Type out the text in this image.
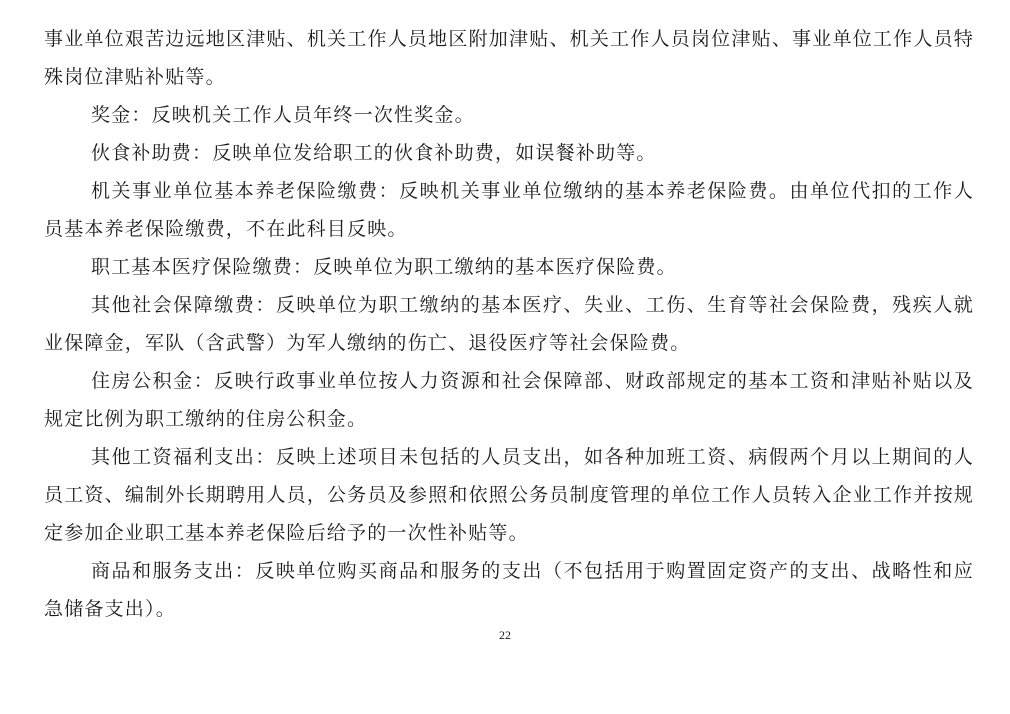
事业单位艰苦边远地区津贴、机关工作人员地区附加津贴、机关工作人员岗位津贴、事业单位工作人员特殊岗位津贴补贴等。

奖金：反映机关工作人员年终一次性奖金。

伙食补助费：反映单位发给职工的伙食补助费，如误餐补助等。

机关事业单位基本养老保险缴费：反映机关事业单位缴纳的基本养老保险费。由单位代扣的工作人员基本养老保险缴费，不在此科目反映。

职工基本医疗保险缴费：反映单位为职工缴纳的基本医疗保险费。

其他社会保障缴费：反映单位为职工缴纳的基本医疗、失业、工伤、生育等社会保险费，残疾人就业保障金，军队（含武警）为军人缴纳的伤亡、退役医疗等社会保险费。

住房公积金：反映行政事业单位按人力资源和社会保障部、财政部规定的基本工资和津贴补贴以及规定比例为职工缴纳的住房公积金。

其他工资福利支出：反映上述项目未包括的人员支出，如各种加班工资、病假两个月以上期间的人员工资、编制外长期聘用人员，公务员及参照和依照公务员制度管理的单位工作人员转入企业工作并按规定参加企业职工基本养老保险后给予的一次性补贴等。

商品和服务支出：反映单位购买商品和服务的支出（不包括用于购置固定资产的支出、战略性和应急储备支出）。

22
